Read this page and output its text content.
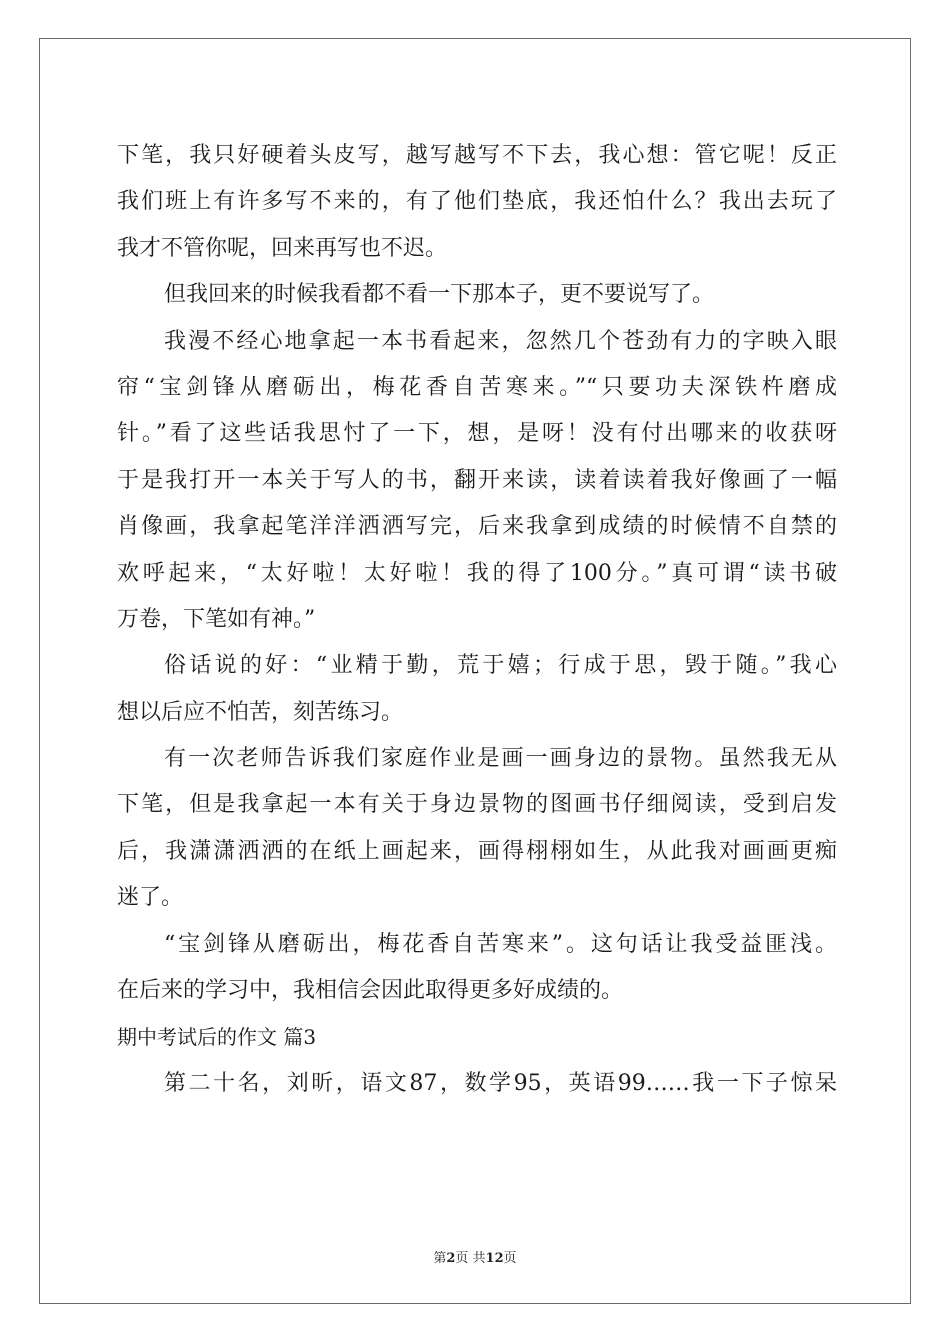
下笔，我只好硬着头皮写，越写越写不下去，我心想：管它呢！反正
我们班上有许多写不来的，有了他们垫底，我还怕什么？我出去玩了
我才不管你呢，回来再写也不迟。
但我回来的时候我看都不看一下那本子，更不要说写了。
我漫不经心地拿起一本书看起来，忽然几个苍劲有力的字映入眼
帘“宝剑锋从磨砺出，梅花香自苦寒来。”“只要功夫深铁杵磨成
针。”看了这些话我思忖了一下，想，是呀！没有付出哪来的收获呀
于是我打开一本关于写人的书，翻开来读，读着读着我好像画了一幅
肖像画，我拿起笔洋洋洒洒写完，后来我拿到成绩的时候情不自禁的
欢呼起来，“太好啦！太好啦！我的得了100分。”真可谓“读书破
万卷，下笔如有神。”
俗话说的好：“业精于勤，荒于嬉；行成于思，毁于随。”我心
想以后应不怕苦，刻苦练习。
有一次老师告诉我们家庭作业是画一画身边的景物。虽然我无从
下笔，但是我拿起一本有关于身边景物的图画书仔细阅读，受到启发
后，我潇潇洒洒的在纸上画起来，画得栩栩如生，从此我对画画更痴
迷了。
“宝剑锋从磨砺出，梅花香自苦寒来”。这句话让我受益匪浅。
在后来的学习中，我相信会因此取得更多好成绩的。
期中考试后的作文 篇3
第二十名，刘昕，语文87，数学95，英语99……我一下子惊呆
第2页 共12页
